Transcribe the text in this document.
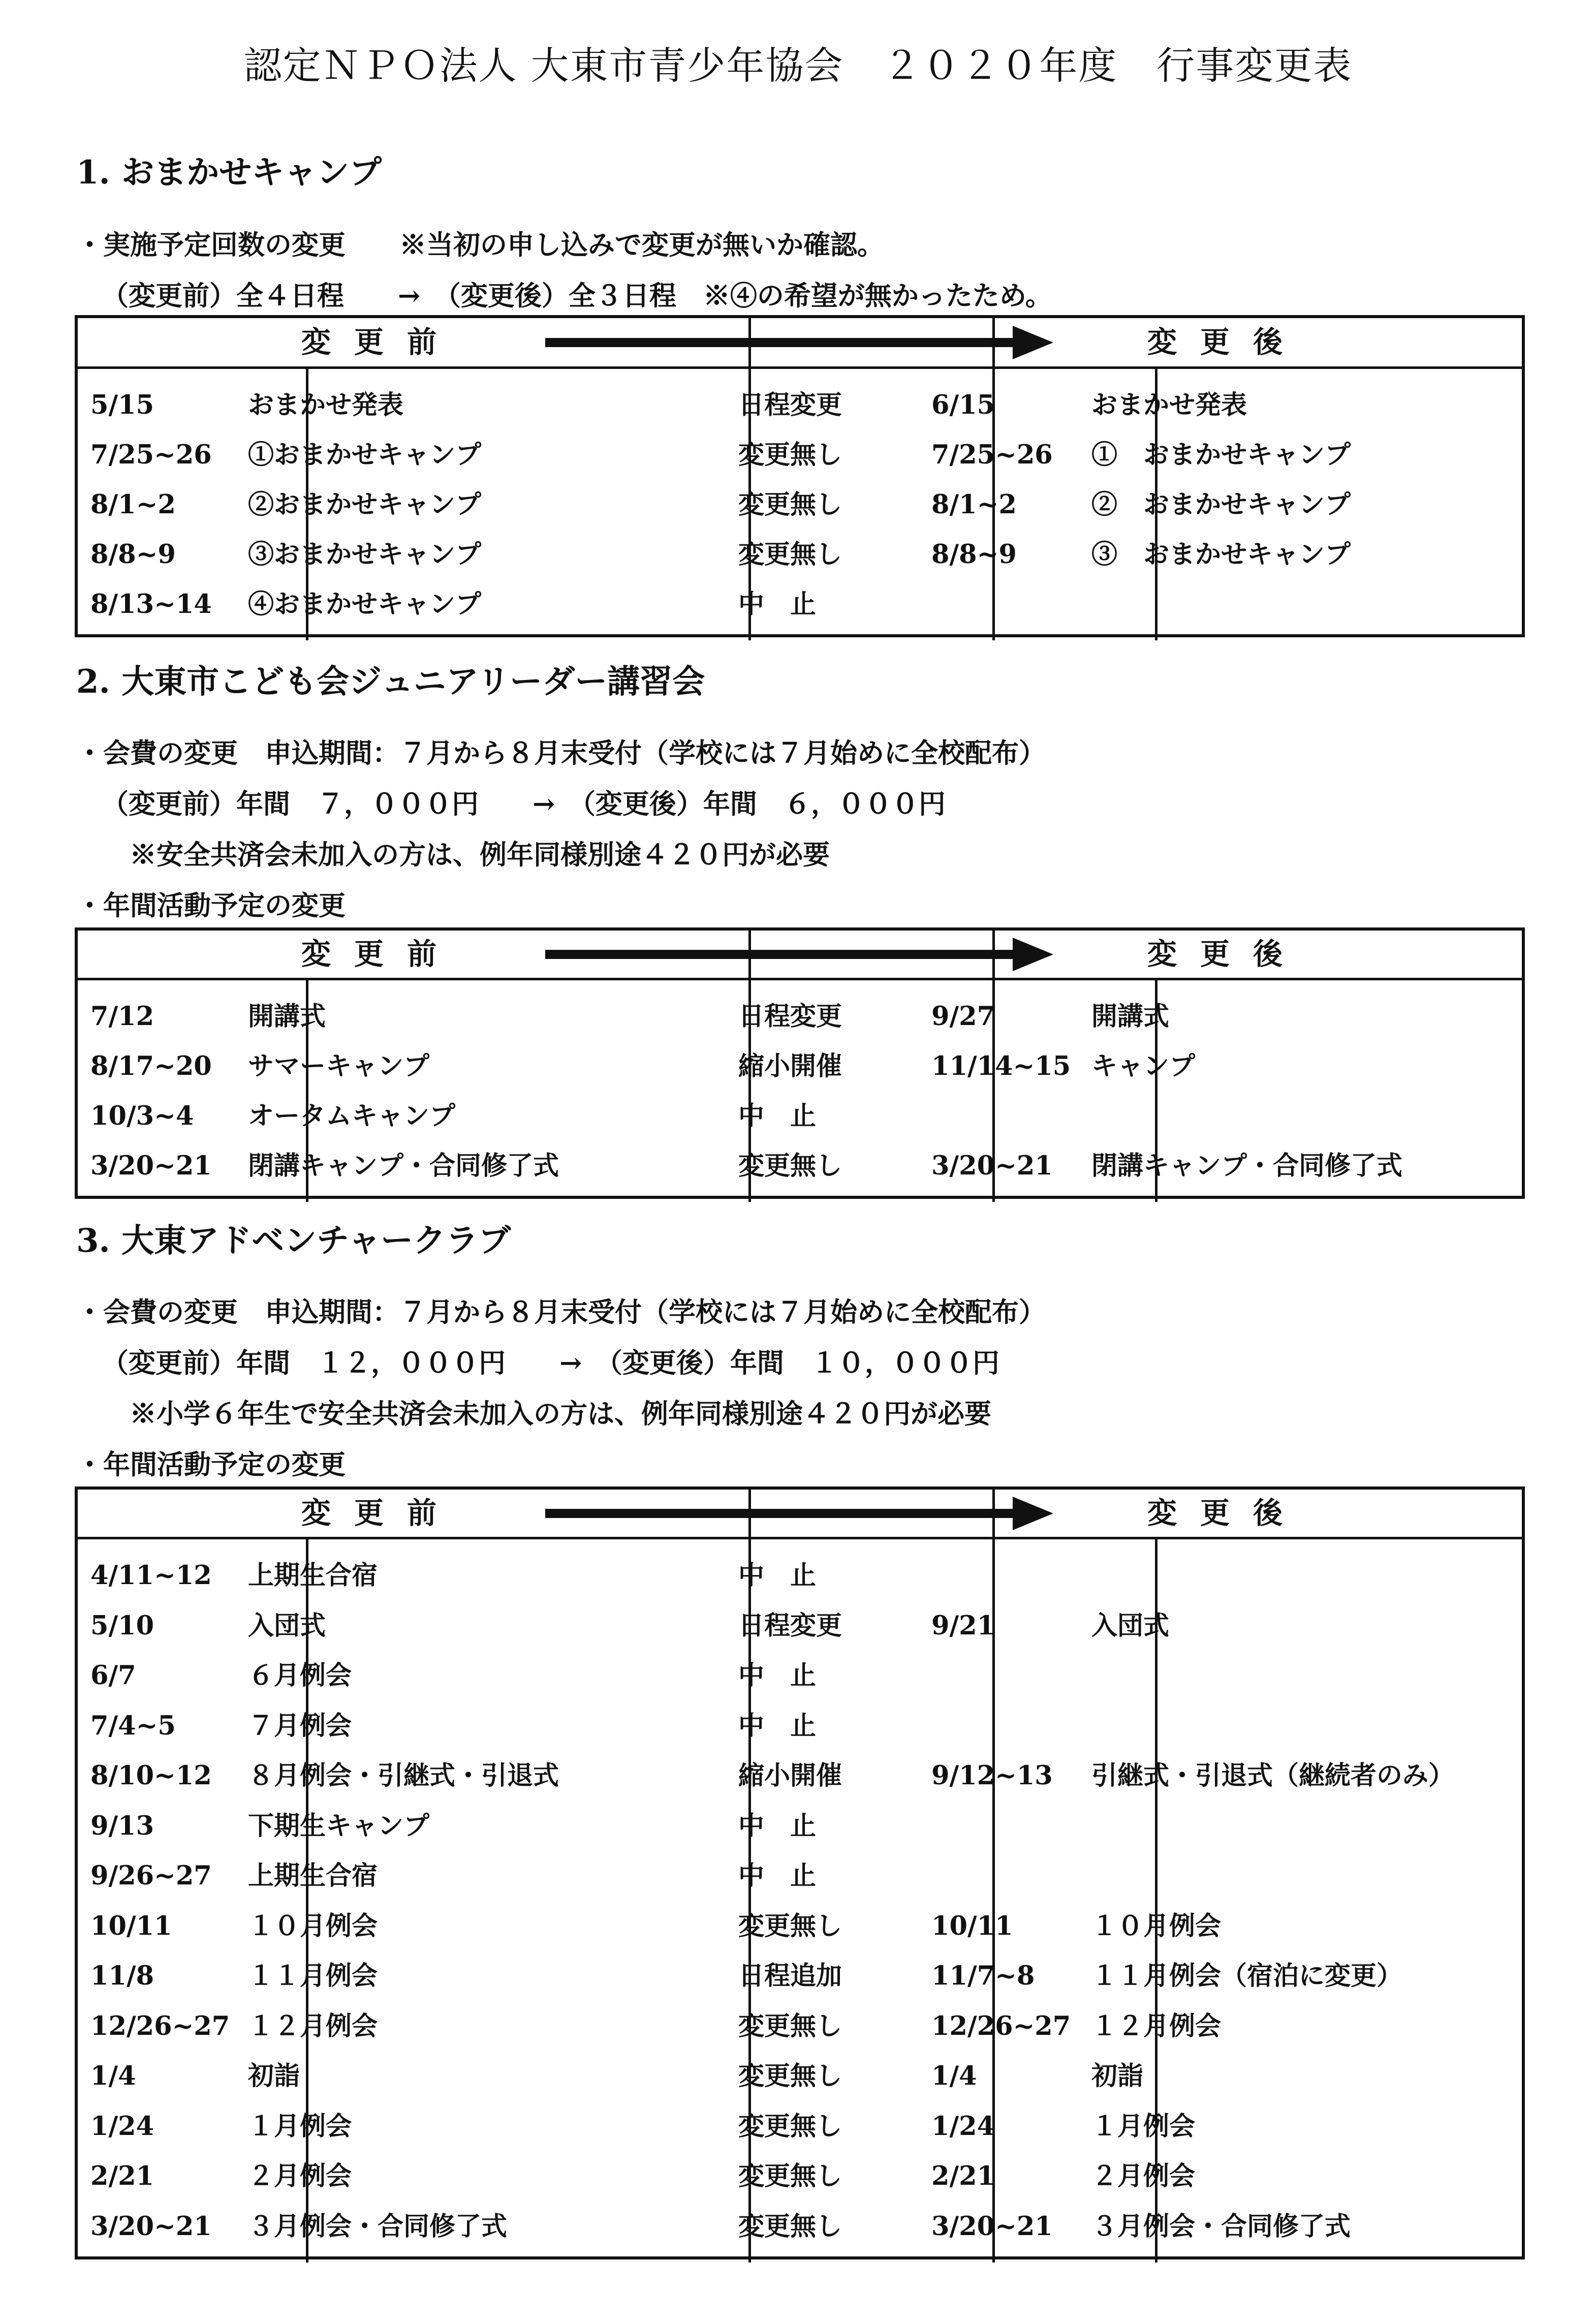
認定ＮＰＯ法人 大東市青少年協会　２０２０年度　行事変更表
1. おまかせキャンプ
・実施予定回数の変更　　※当初の申し込みで変更が無いか確認。
（変更前）全４日程　　→　（変更後）全３日程　※④の希望が無かったため。
変更前	変更後
5/15	おまかせ発表	日程変更	6/15	おまかせ発表
7/25~26 ①おまかせキャンプ	変更無し	7/25~26 ①　おまかせキャンプ
8/1~2	②おまかせキャンプ	変更無し	8/1~2	②　おまかせキャンプ
8/8~9	③おまかせキャンプ	変更無し	8/8~9	③　おまかせキャンプ
8/13~14 ④おまかせキャンプ	中　止
2. 大東市こども会ジュニアリーダー講習会
・会費の変更　申込期間：７月から８月末受付（学校には７月始めに全校配布）
（変更前）年間　７，０００円　　→　（変更後）年間　６，０００円
※安全共済会未加入の方は、例年同様別途４２０円が必要
・年間活動予定の変更
変更前	変更後
7/12	開講式	日程変更	9/27	開講式
8/17~20 サマーキャンプ	縮小開催	11/14~15 キャンプ
10/3~4 オータムキャンプ	中　止
3/20~21 閉講キャンプ・合同修了式	変更無し	3/20~21 閉講キャンプ・合同修了式
3. 大東アドベンチャークラブ
・会費の変更　申込期間：７月から８月末受付（学校には７月始めに全校配布）
（変更前）年間　１２，０００円　　→　（変更後）年間　１０，０００円
※小学６年生で安全共済会未加入の方は、例年同様別途４２０円が必要
・年間活動予定の変更
変更前	変更後
4/11~12 上期生合宿	中　止
5/10	入団式	日程変更	9/21	入団式
6/7	６月例会	中　止
7/4~5	７月例会	中　止
8/10~12 ８月例会・引継式・引退式	縮小開催	9/12~13 引継式・引退式（継続者のみ）
9/13	下期生キャンプ	中　止
9/26~27 上期生合宿	中　止
10/11	１０月例会	変更無し	10/11	１０月例会
11/8	１１月例会	日程追加	11/7~8 １１月例会（宿泊に変更）
12/26~27 １２月例会	変更無し	12/26~27 １２月例会
1/4	初詣	変更無し	1/4	初詣
1/24	１月例会	変更無し	1/24	１月例会
2/21	２月例会	変更無し	2/21	２月例会
3/20~21 ３月例会・合同修了式	変更無し	3/20~21 ３月例会・合同修了式
